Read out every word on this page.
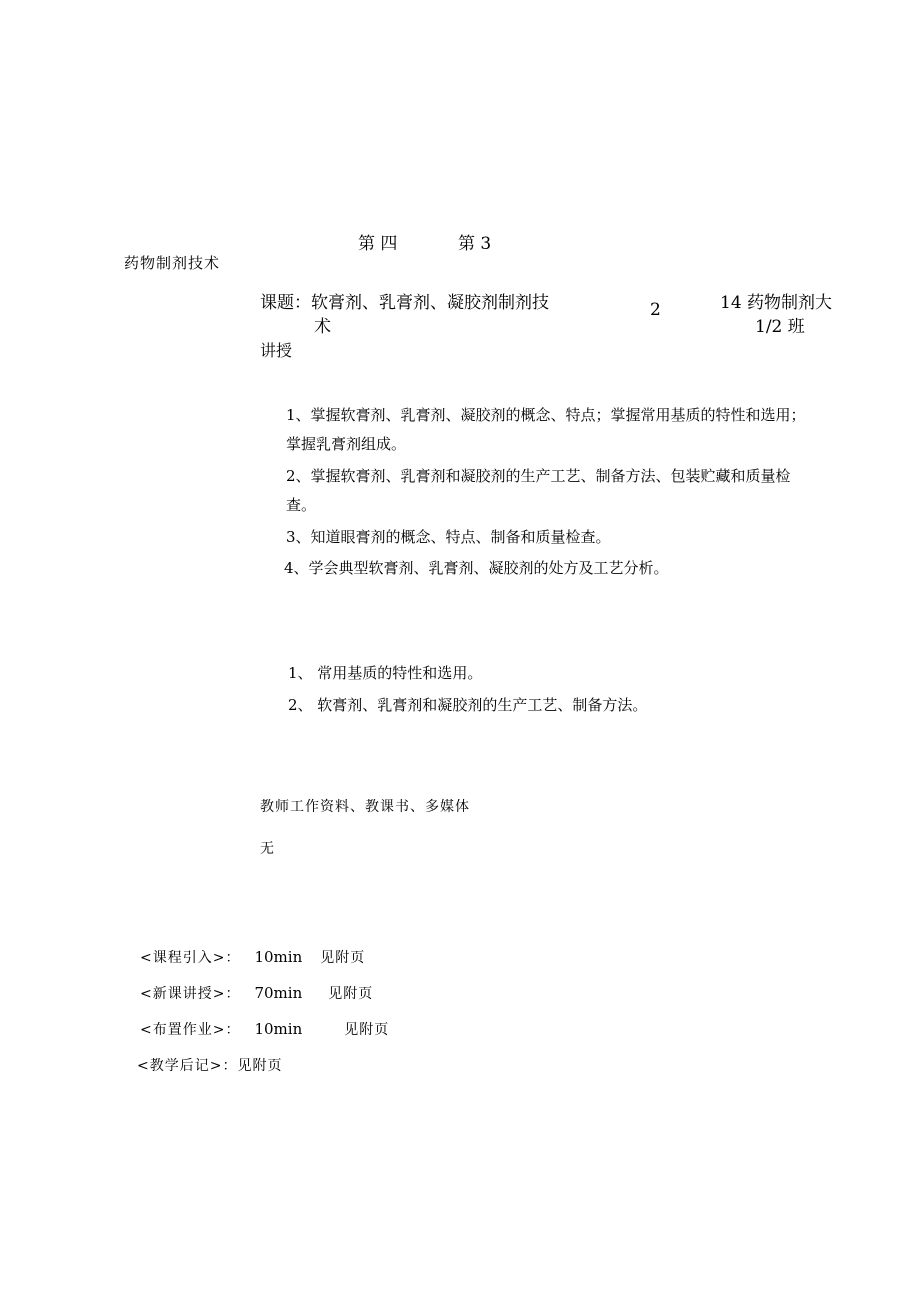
第 四	第 3
药物制剂技术
课题：软膏剂、乳膏剂、凝胶剂制剂技
术
2	14 药物制剂大
1/2 班
讲授
1、掌握软膏剂、乳膏剂、凝胶剂的概念、特点；掌握常用基质的特性和选用；
掌握乳膏剂组成。
2、掌握软膏剂、乳膏剂和凝胶剂的生产工艺、制备方法、包装贮藏和质量检
查。
3、知道眼膏剂的概念、特点、制备和质量检查。
4、学会典型软膏剂、乳膏剂、凝胶剂的处方及工艺分析。
1、 常用基质的特性和选用。
2、 软膏剂、乳膏剂和凝胶剂的生产工艺、制备方法。
教师工作资料、教课书、多媒体
无
<课程引入>： 10min 见附页
<新课讲授>： 70min 见附页
<布置作业>： 10min	见附页
<教学后记>：见附页
